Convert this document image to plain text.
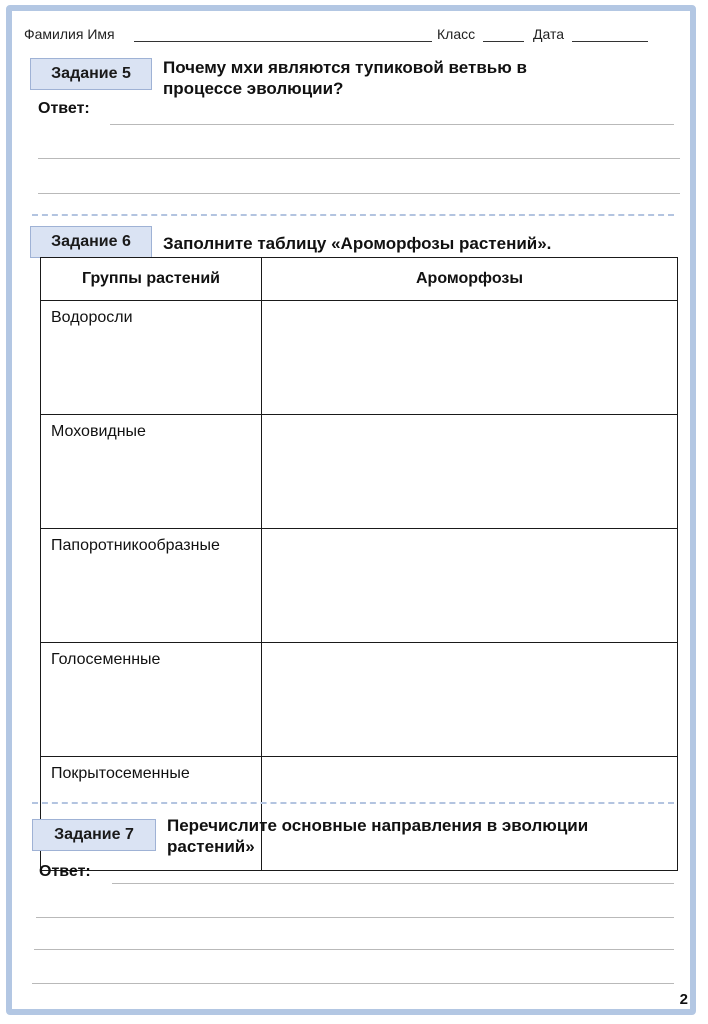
Фамилия Имя	Класс	Дата
Задание 5	Почему мхи являются тупиковой ветвью в
процессе эволюции?
Ответ:
Задание 6	Заполните таблицу «Ароморфозы растений».
Группы растений	Ароморфозы
Водоросли	
Моховидные	
Папоротникообразные	
Голосеменные	
Покрытосеменные	
Задание 7	Перечислите основные направления в эволюции
растений»
Ответ:
2
